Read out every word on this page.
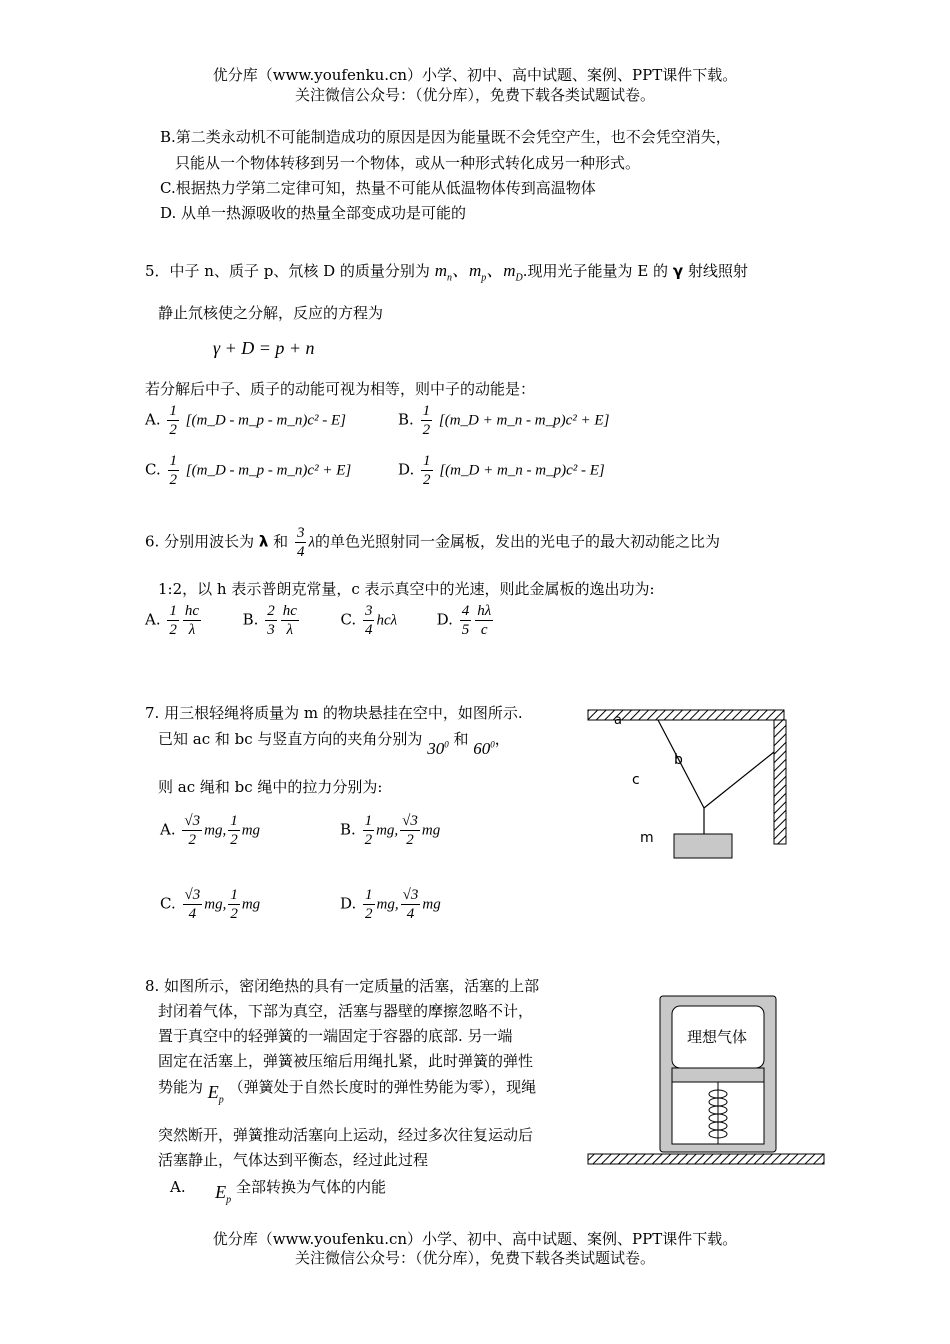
优分库（www.youfenku.cn）小学、初中、高中试题、案例、PPT课件下载。
关注微信公众号：（优分库），免费下载各类试题试卷。
B.第二类永动机不可能制造成功的原因是因为能量既不会凭空产生，也不会凭空消失，
只能从一个物体转移到另一个物体，或从一种形式转化成另一种形式。
C.根据热力学第二定律可知，热量不可能从低温物体传到高温物体
D. 从单一热源吸收的热量全部变成功是可能的
5．中子 n、质子 p、氘核 D 的质量分别为 $m_n$、$m_p$、$m_D$.现用光子能量为 E 的 γ 射线照射
静止氘核使之分解，反应的方程为
γ + D = p + n
若分解后中子、质子的动能可视为相等，则中子的动能是：
A. $\frac{1}{2}$ [(m_D - m_p - m_n)c² - E]	B. $\frac{1}{2}$ [(m_D + m_n - m_p)c² + E]
C. $\frac{1}{2}$ [(m_D - m_p - m_n)c² + E]	D. $\frac{1}{2}$ [(m_D + m_n - m_p)c² - E]
6. 分别用波长为 λ 和 $\frac{3}{4}$ λ的单色光照射同一金属板，发出的光电子的最大初动能之比为
1:2，以 h 表示普朗克常量，c 表示真空中的光速，则此金属板的逸出功为:
A. $\frac{1}{2} \frac{hc}{\lambda}$	B. $\frac{2}{3} \frac{hc}{\lambda}$	C. $\frac{3}{4}$ hcλ	D. $\frac{4}{5} \frac{h\lambda}{c}$
7. 用三根轻绳将质量为 m 的物块悬挂在空中，如图所示.
已知 ac 和 bc 与竖直方向的夹角分别为 $30^0$ 和 $60^0$，
则 ac 绳和 bc 绳中的拉力分别为:
A. $\frac{√3}{2}$ mg, $\frac{1}{2}$ mg	B. $\frac{1}{2}$ mg, $\frac{√3}{2}$ mg
C. $\frac{√3}{4}$ mg, $\frac{1}{2}$ mg	D. $\frac{1}{2}$ mg, $\frac{√3}{4}$ mg
a
b
c
m
8. 如图所示，密闭绝热的具有一定质量的活塞，活塞的上部
封闭着气体，下部为真空，活塞与器壁的摩擦忽略不计，
置于真空中的轻弹簧的一端固定于容器的底部. 另一端
固定在活塞上，弹簧被压缩后用绳扎紧，此时弹簧的弹性
势能为 $E_p$ （弹簧处于自然长度时的弹性势能为零），现绳
突然断开，弹簧推动活塞向上运动，经过多次往复运动后
活塞静止，气体达到平衡态，经过此过程
A. $E_p$ 全部转换为气体的内能
理想气体
优分库（www.youfenku.cn）小学、初中、高中试题、案例、PPT课件下载。
关注微信公众号：（优分库），免费下载各类试题试卷。
